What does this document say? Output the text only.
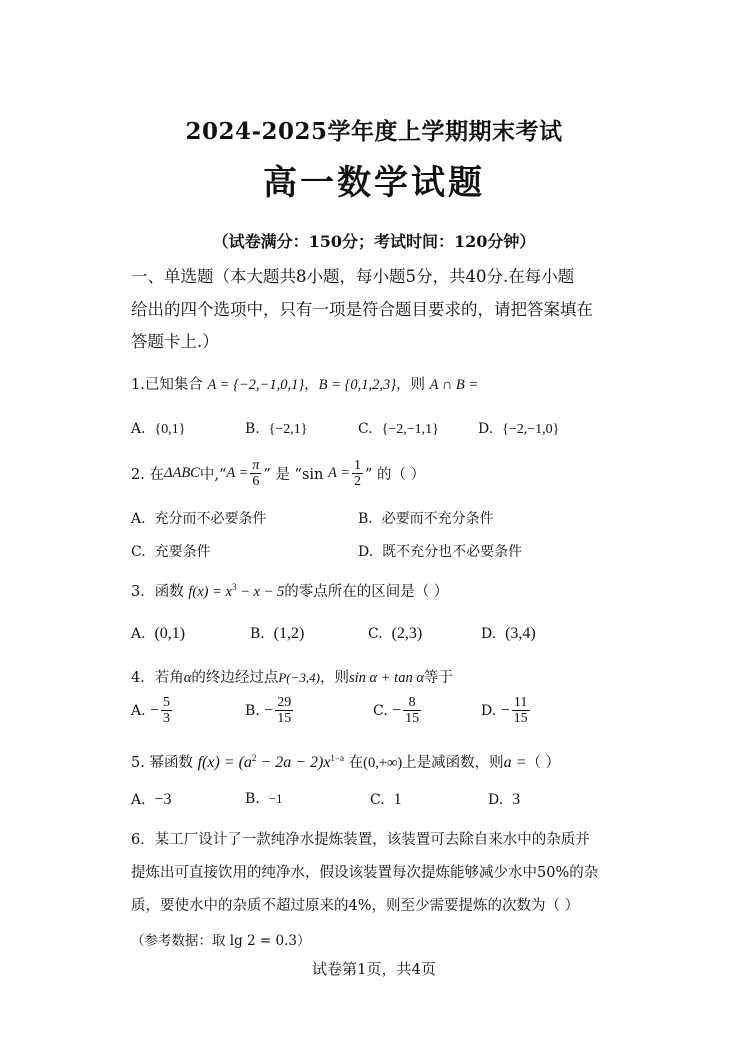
2024-2025学年度上学期期末考试
高一数学试题
（试卷满分：150分；考试时间：120分钟）
一、单选题（本大题共8小题，每小题5分，共40分.在每小题
给出的四个选项中，只有一项是符合题目要求的，请把答案填在
答题卡上.）
1.已知集合 A = {−2,−1,0,1}，B = {0,1,2,3}，则 A ∩ B =
A. {0,1}	B. {−2,1}	C. {−2,−1,1}	D. {−2,−1,0}
2. 在 ΔABC 中,“ $A = \frac{\pi}{6}$ ” 是 “sin
$A = \frac{1}{2}$ ” 的（ ）
A. 充分而不必要条件	B. 必要而不充分条件
C. 充要条件	D. 既不充分也不必要条件
3．函数 $f(x) = x^3 - x - 5$的零点所在的区间是（ ）
A. (0,1)	B. (1,2)	C. (2,3)	D. (3,4)
4．若角α的终边经过点P(−3,4)，则sin α + tan α等于
A.
− $\frac{5}{3}$	B.
− $\frac{29}{15}$	C.
− $\frac{8}{15}$	D.
− $\frac{11}{15}$
5. 幂函数 $f(x) = (a^2 - 2a - 2)x^{1-a}$ 在(0,+∞)上是减函数，则a =（ ）
A. −3	B. −1	C. 1	D. 3
6．某工厂设计了一款纯净水提炼装置，该装置可去除自来水中的杂质并
提炼出可直接饮用的纯净水，假设该装置每次提炼能够减少水中50%的杂
质，要使水中的杂质不超过原来的4%，则至少需要提炼的次数为（ ）
（参考数据：取 lg 2 = 0.3）
试卷第1页，共4页
